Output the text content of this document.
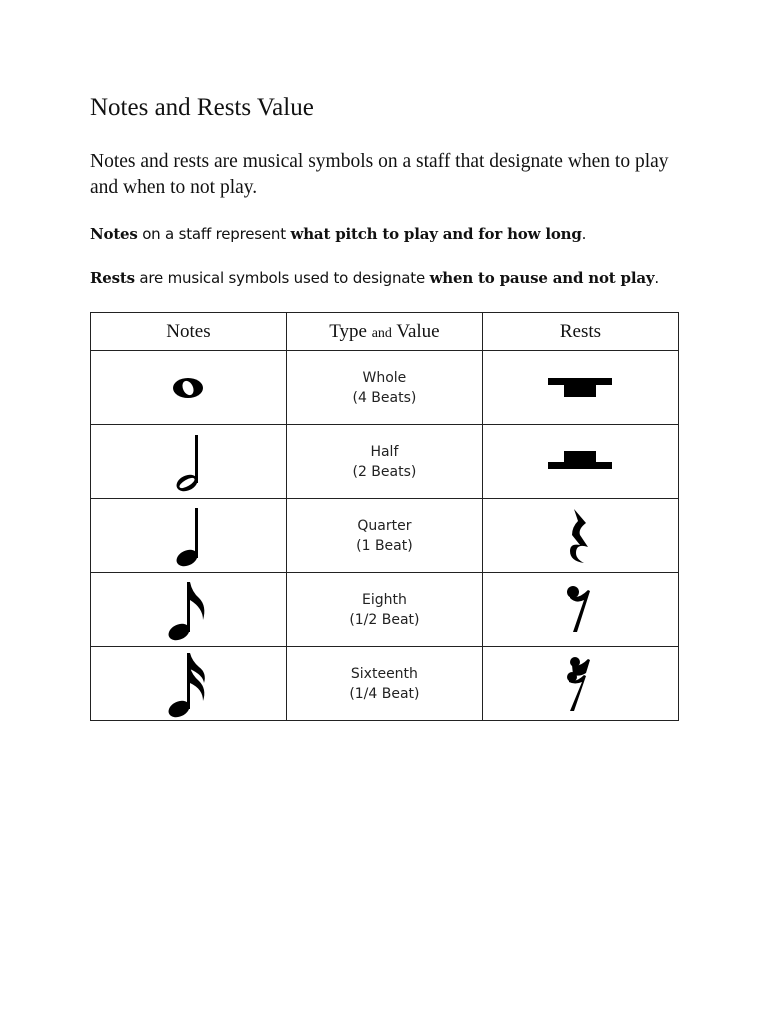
Notes and Rests Value

Notes and rests are musical symbols on a staff that designate when to play and when to not play.

Notes on a staff represent what pitch to play and for how long.

Rests are musical symbols used to designate when to pause and not play.

Notes	Type and Value	Rests

Whole
(4 Beats)

Half
(2 Beats)

Quarter
(1 Beat)

Eighth
(1/2 Beat)

Sixteenth
(1/4 Beat)
